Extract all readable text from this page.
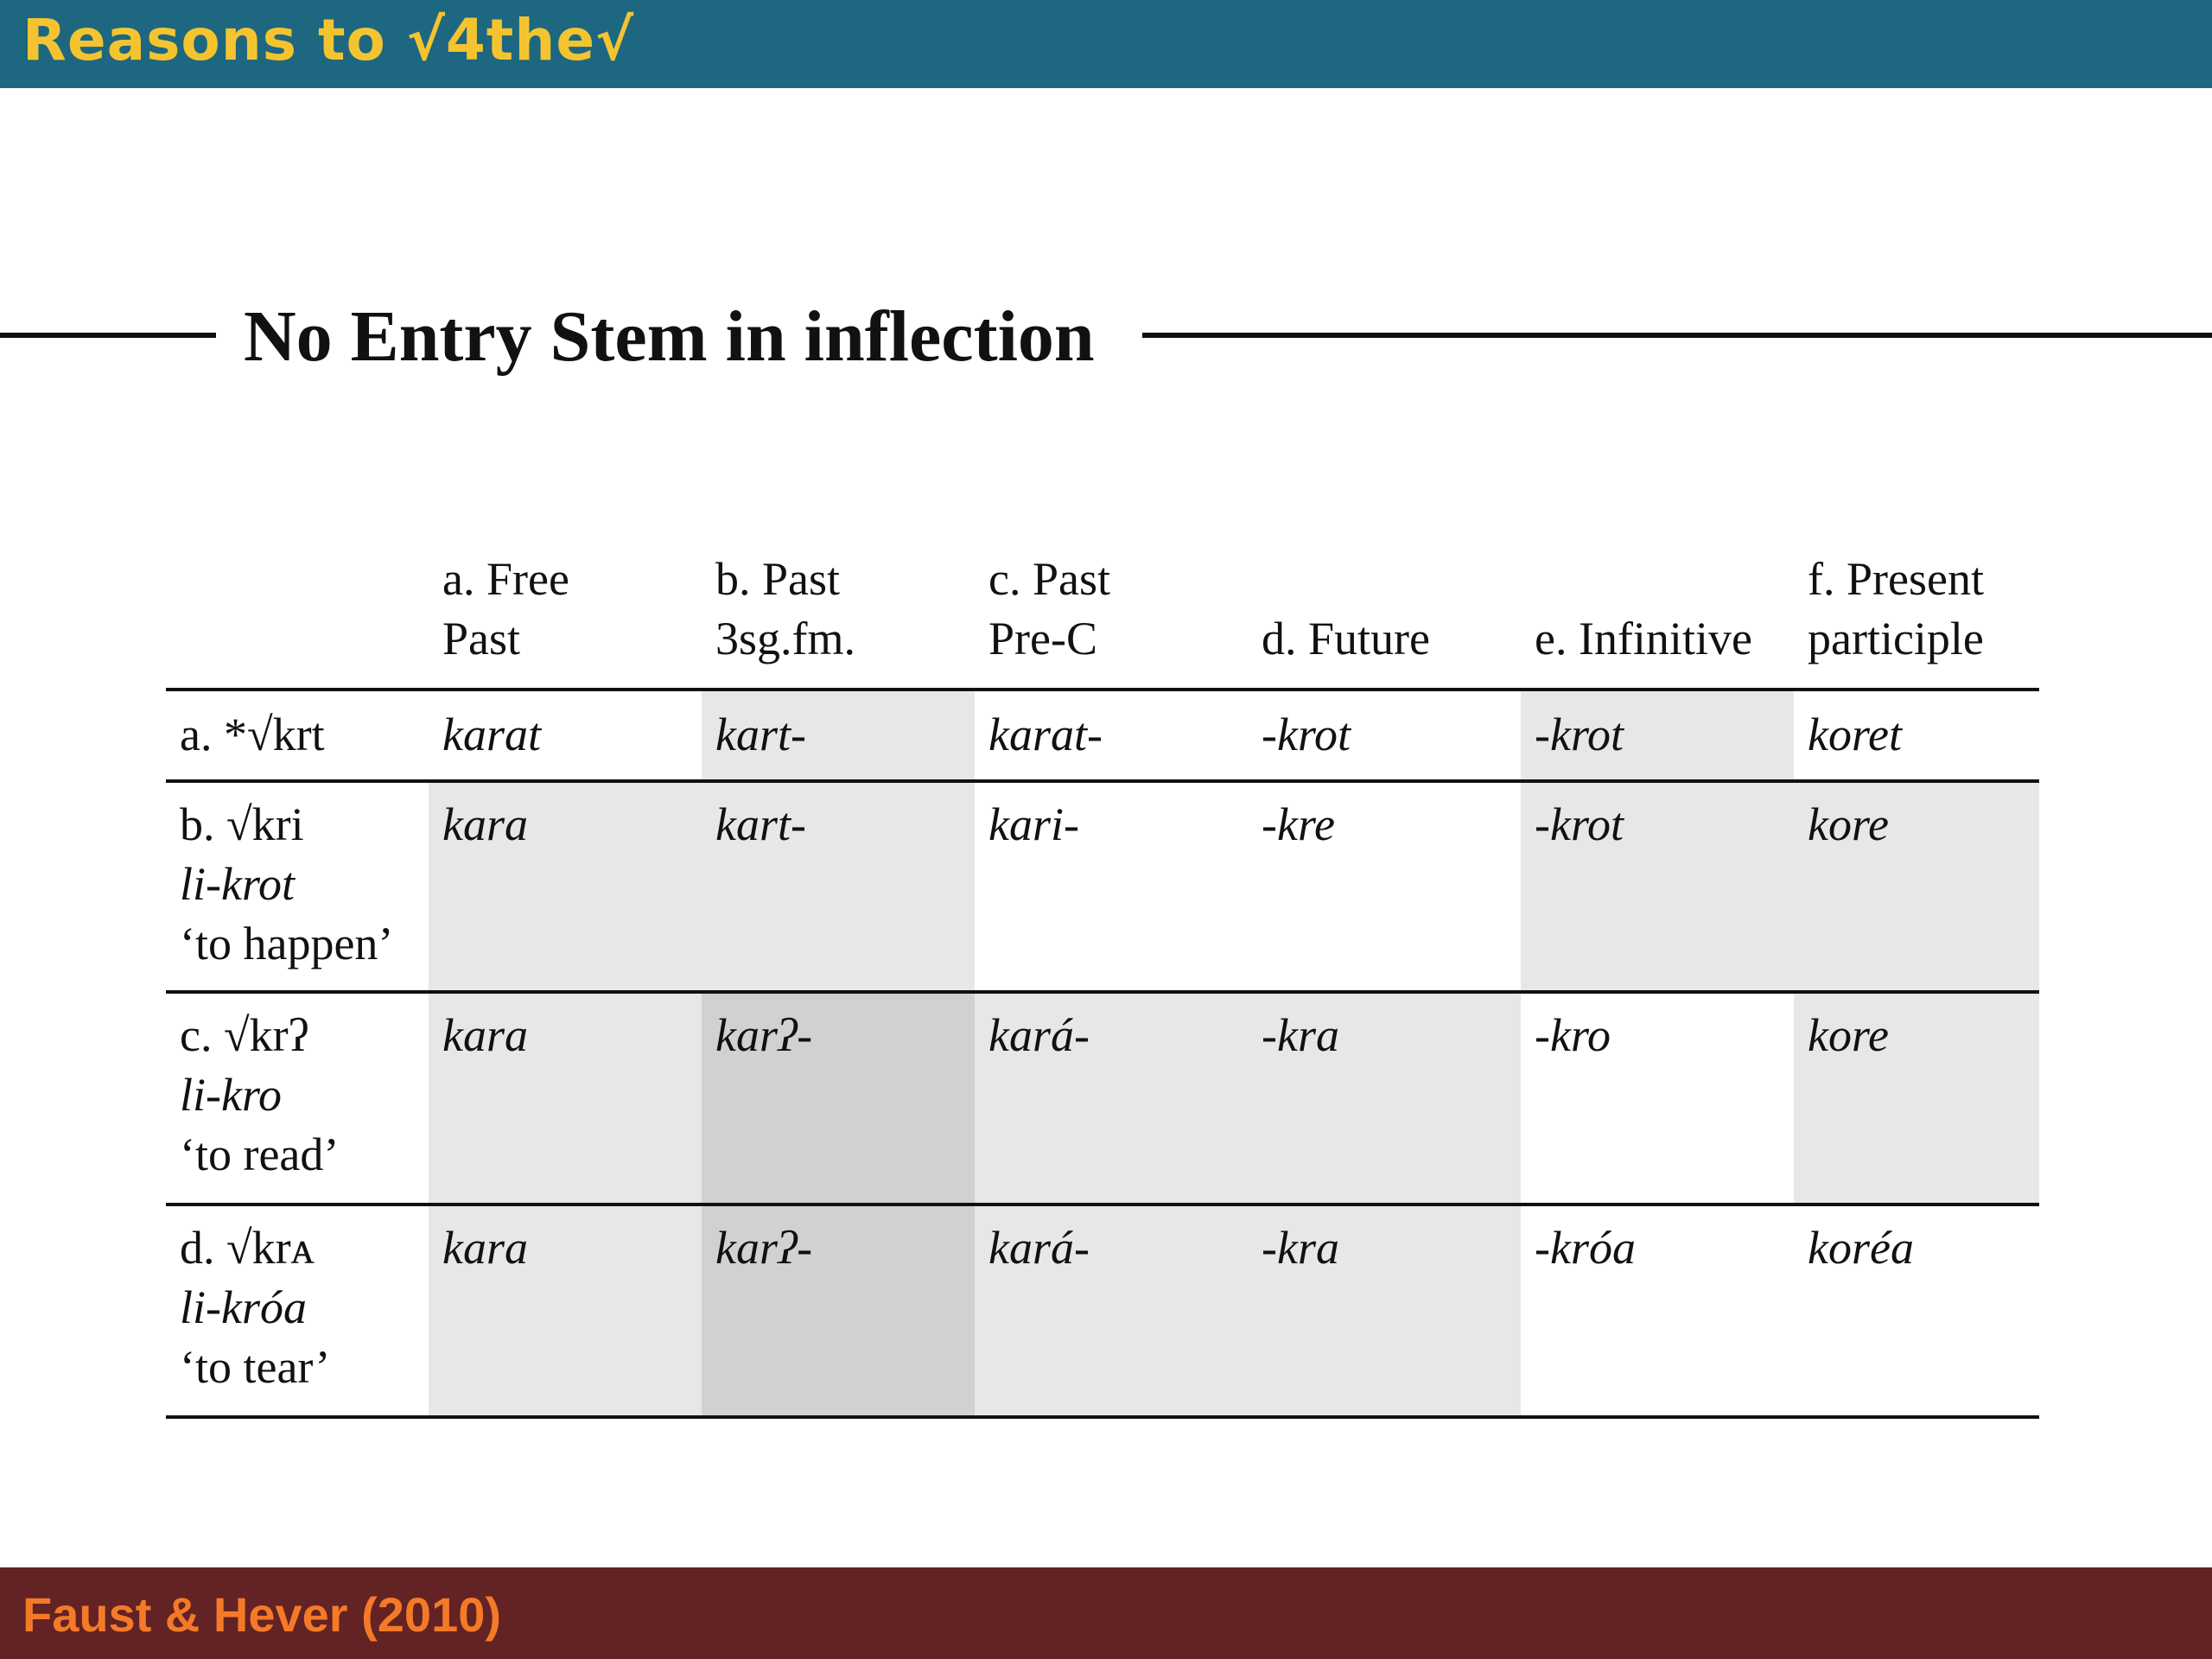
Reasons to √4the√
No Entry Stem in inflection
a. Free
Past
b. Past
3sg.fm.
c. Past
Pre-C
	d. Future
	e. Infinitive
f. Present
participle
a. *√krt	karat	kart-	karat-	-krot	-krot	koret
b. √kri
li-krot
‘to happen’
kara	kart-	kari-	-kre	-krot	kore
c. √krʔ
li-kro
‘to read’
kara	karʔ-	kará-	-kra	-kro	kore
d. √krᴀ
li-króa
‘to tear’
kara	karʔ-	kará-	-kra	-króa	koréa
Faust & Hever (2010)
